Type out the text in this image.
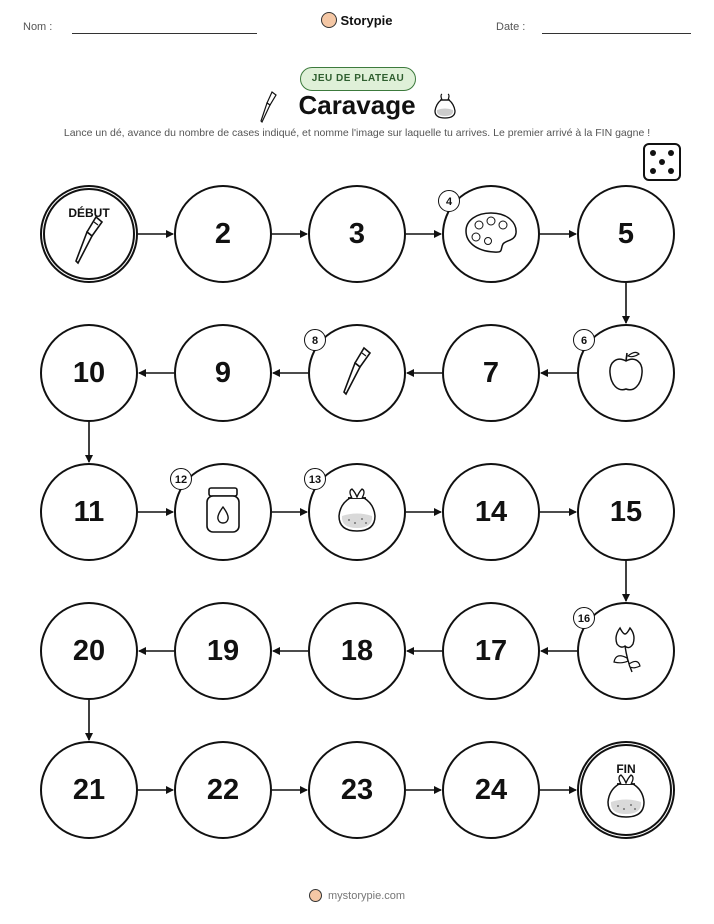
Nom :	Storypie	Date :
JEU DE PLATEAU
Caravage
Lance un dé, avance du nombre de cases indiqué, et nomme l'image sur laquelle tu arrives. Le premier arrivé à la FIN gagne !
DÉBUT
2	3
4
5
6
7
8
9
10
11
12	13
14	15
16
17
18
19
20
21	22	23	24
FIN
mystorypie.com
